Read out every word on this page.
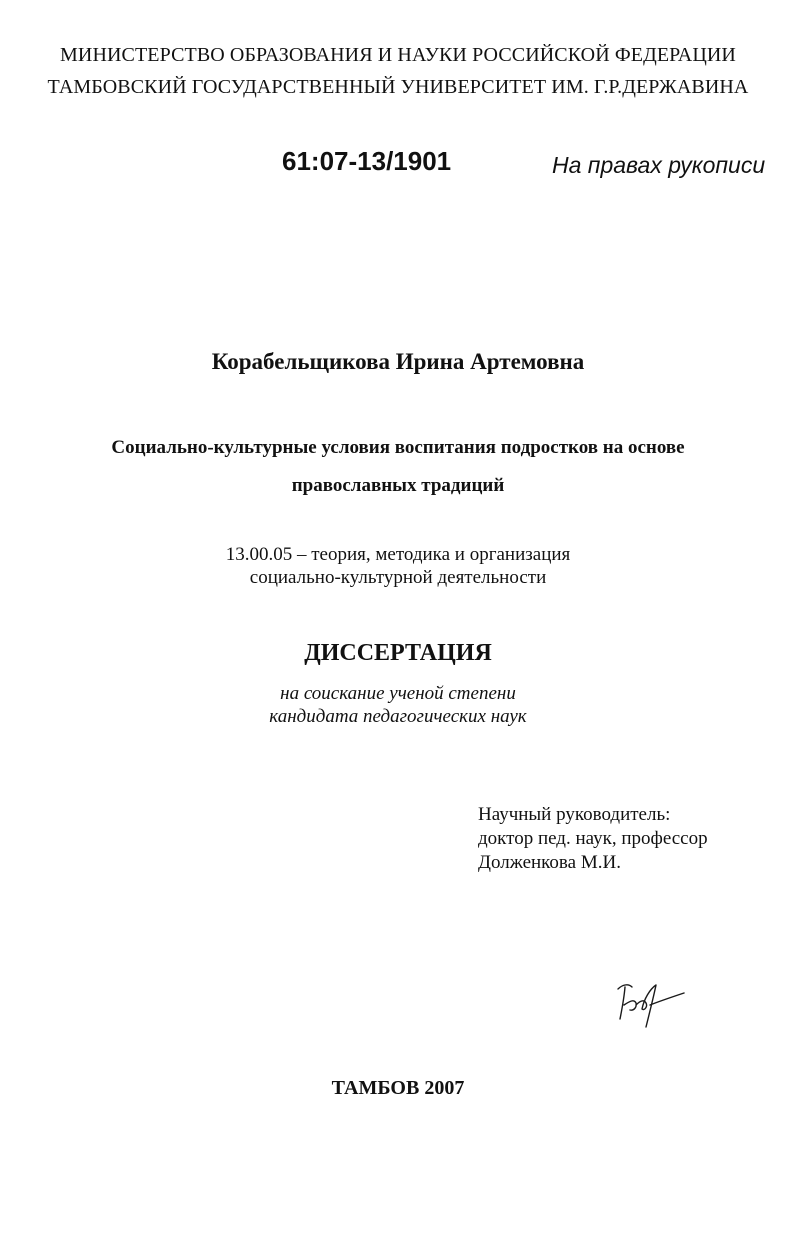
МИНИСТЕРСТВО ОБРАЗОВАНИЯ И НАУКИ РОССИЙСКОЙ ФЕДЕРАЦИИ
ТАМБОВСКИЙ ГОСУДАРСТВЕННЫЙ УНИВЕРСИТЕТ ИМ. Г.Р.ДЕРЖАВИНА
61:07-13/1901	На правах рукописи
Корабельщикова Ирина Артемовна
Социально-культурные условия воспитания подростков на основе
православных традиций
13.00.05 – теория, методика и организация
социально-культурной деятельности
ДИССЕРТАЦИЯ
на соискание ученой степени
кандидата педагогических наук
Научный руководитель:
доктор пед. наук, профессор
Долженкова М.И.
ТАМБОВ 2007
